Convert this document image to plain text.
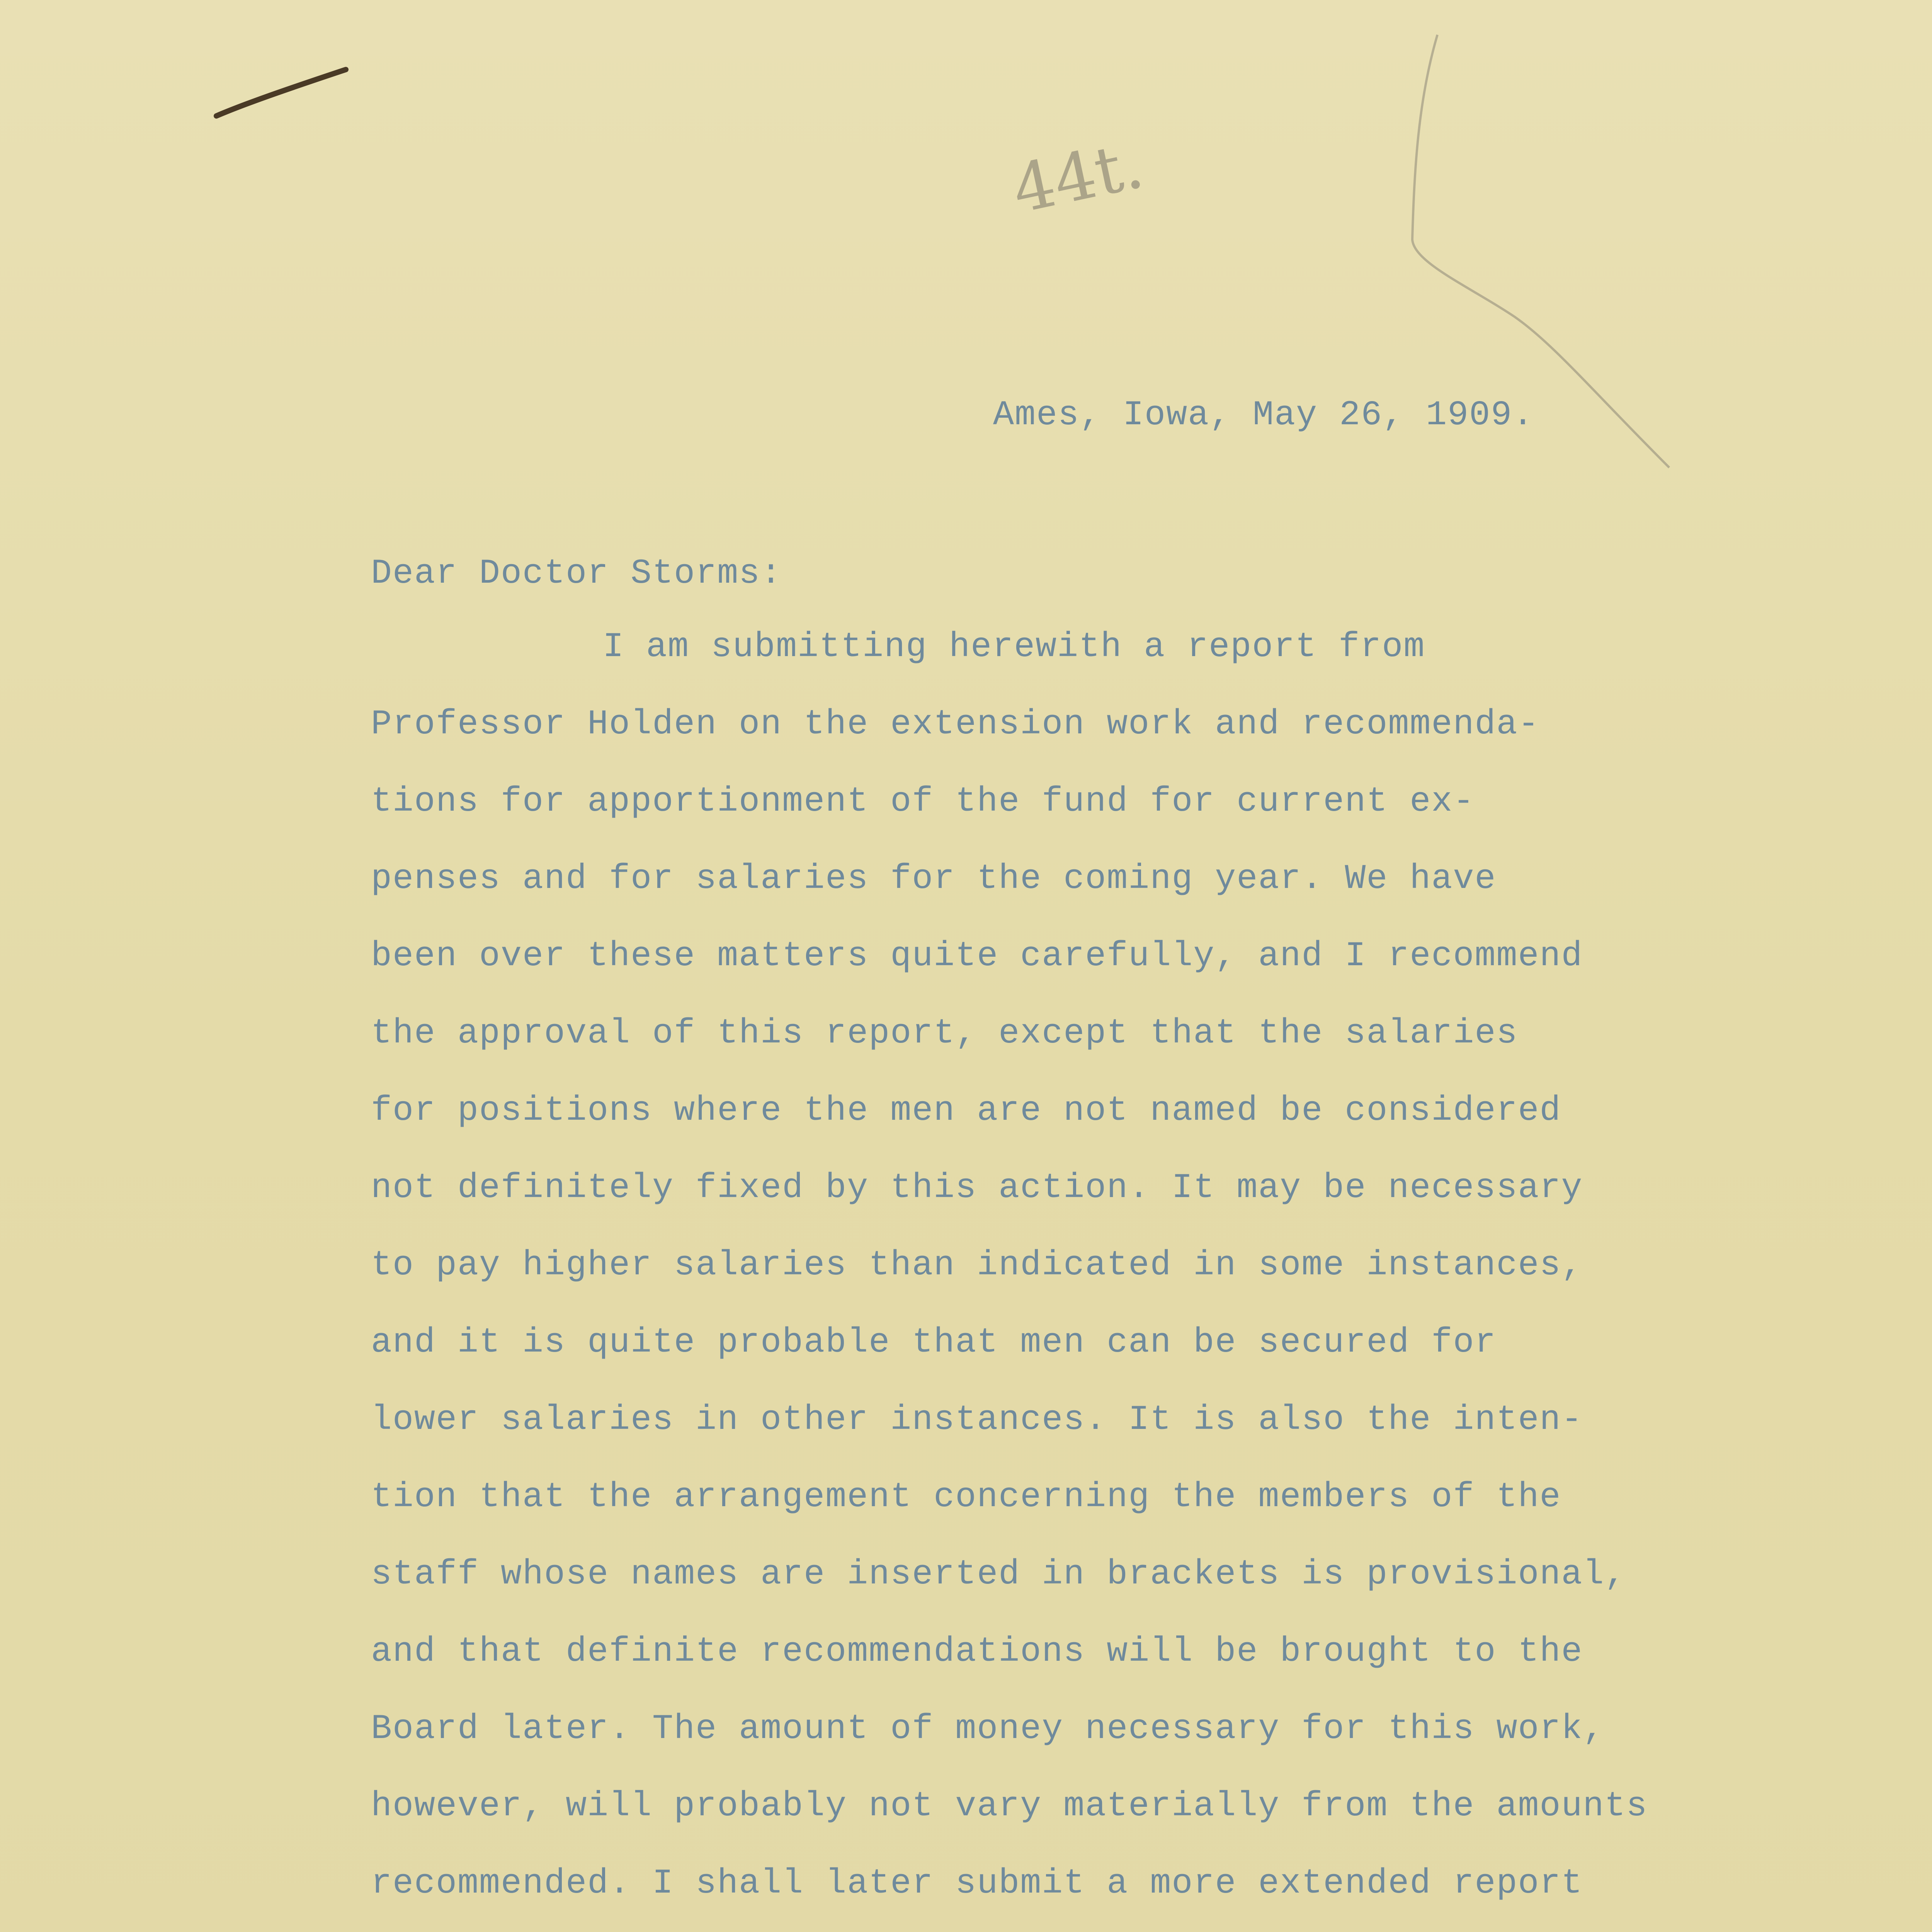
44t.
Ames, Iowa, May 26, 1909.
Dear Doctor Storms:
I am submitting herewith a report from
Professor Holden on the extension work and recommenda-
tions for apportionment of the fund for current ex-
penses and for salaries for the coming year. We have
been over these matters quite carefully, and I recommend
the approval of this report, except that the salaries
for positions where the men are not named be considered
not definitely fixed by this action. It may be necessary
to pay higher salaries than indicated in some instances,
and it is quite probable that men can be secured for
lower salaries in other instances. It is also the inten-
tion that the arrangement concerning the members of the
staff whose names are inserted in brackets is provisional,
and that definite recommendations will be brought to the
Board later. The amount of money necessary for this work,
however, will probably not vary materially from the amounts
recommended. I shall later submit a more extended report
